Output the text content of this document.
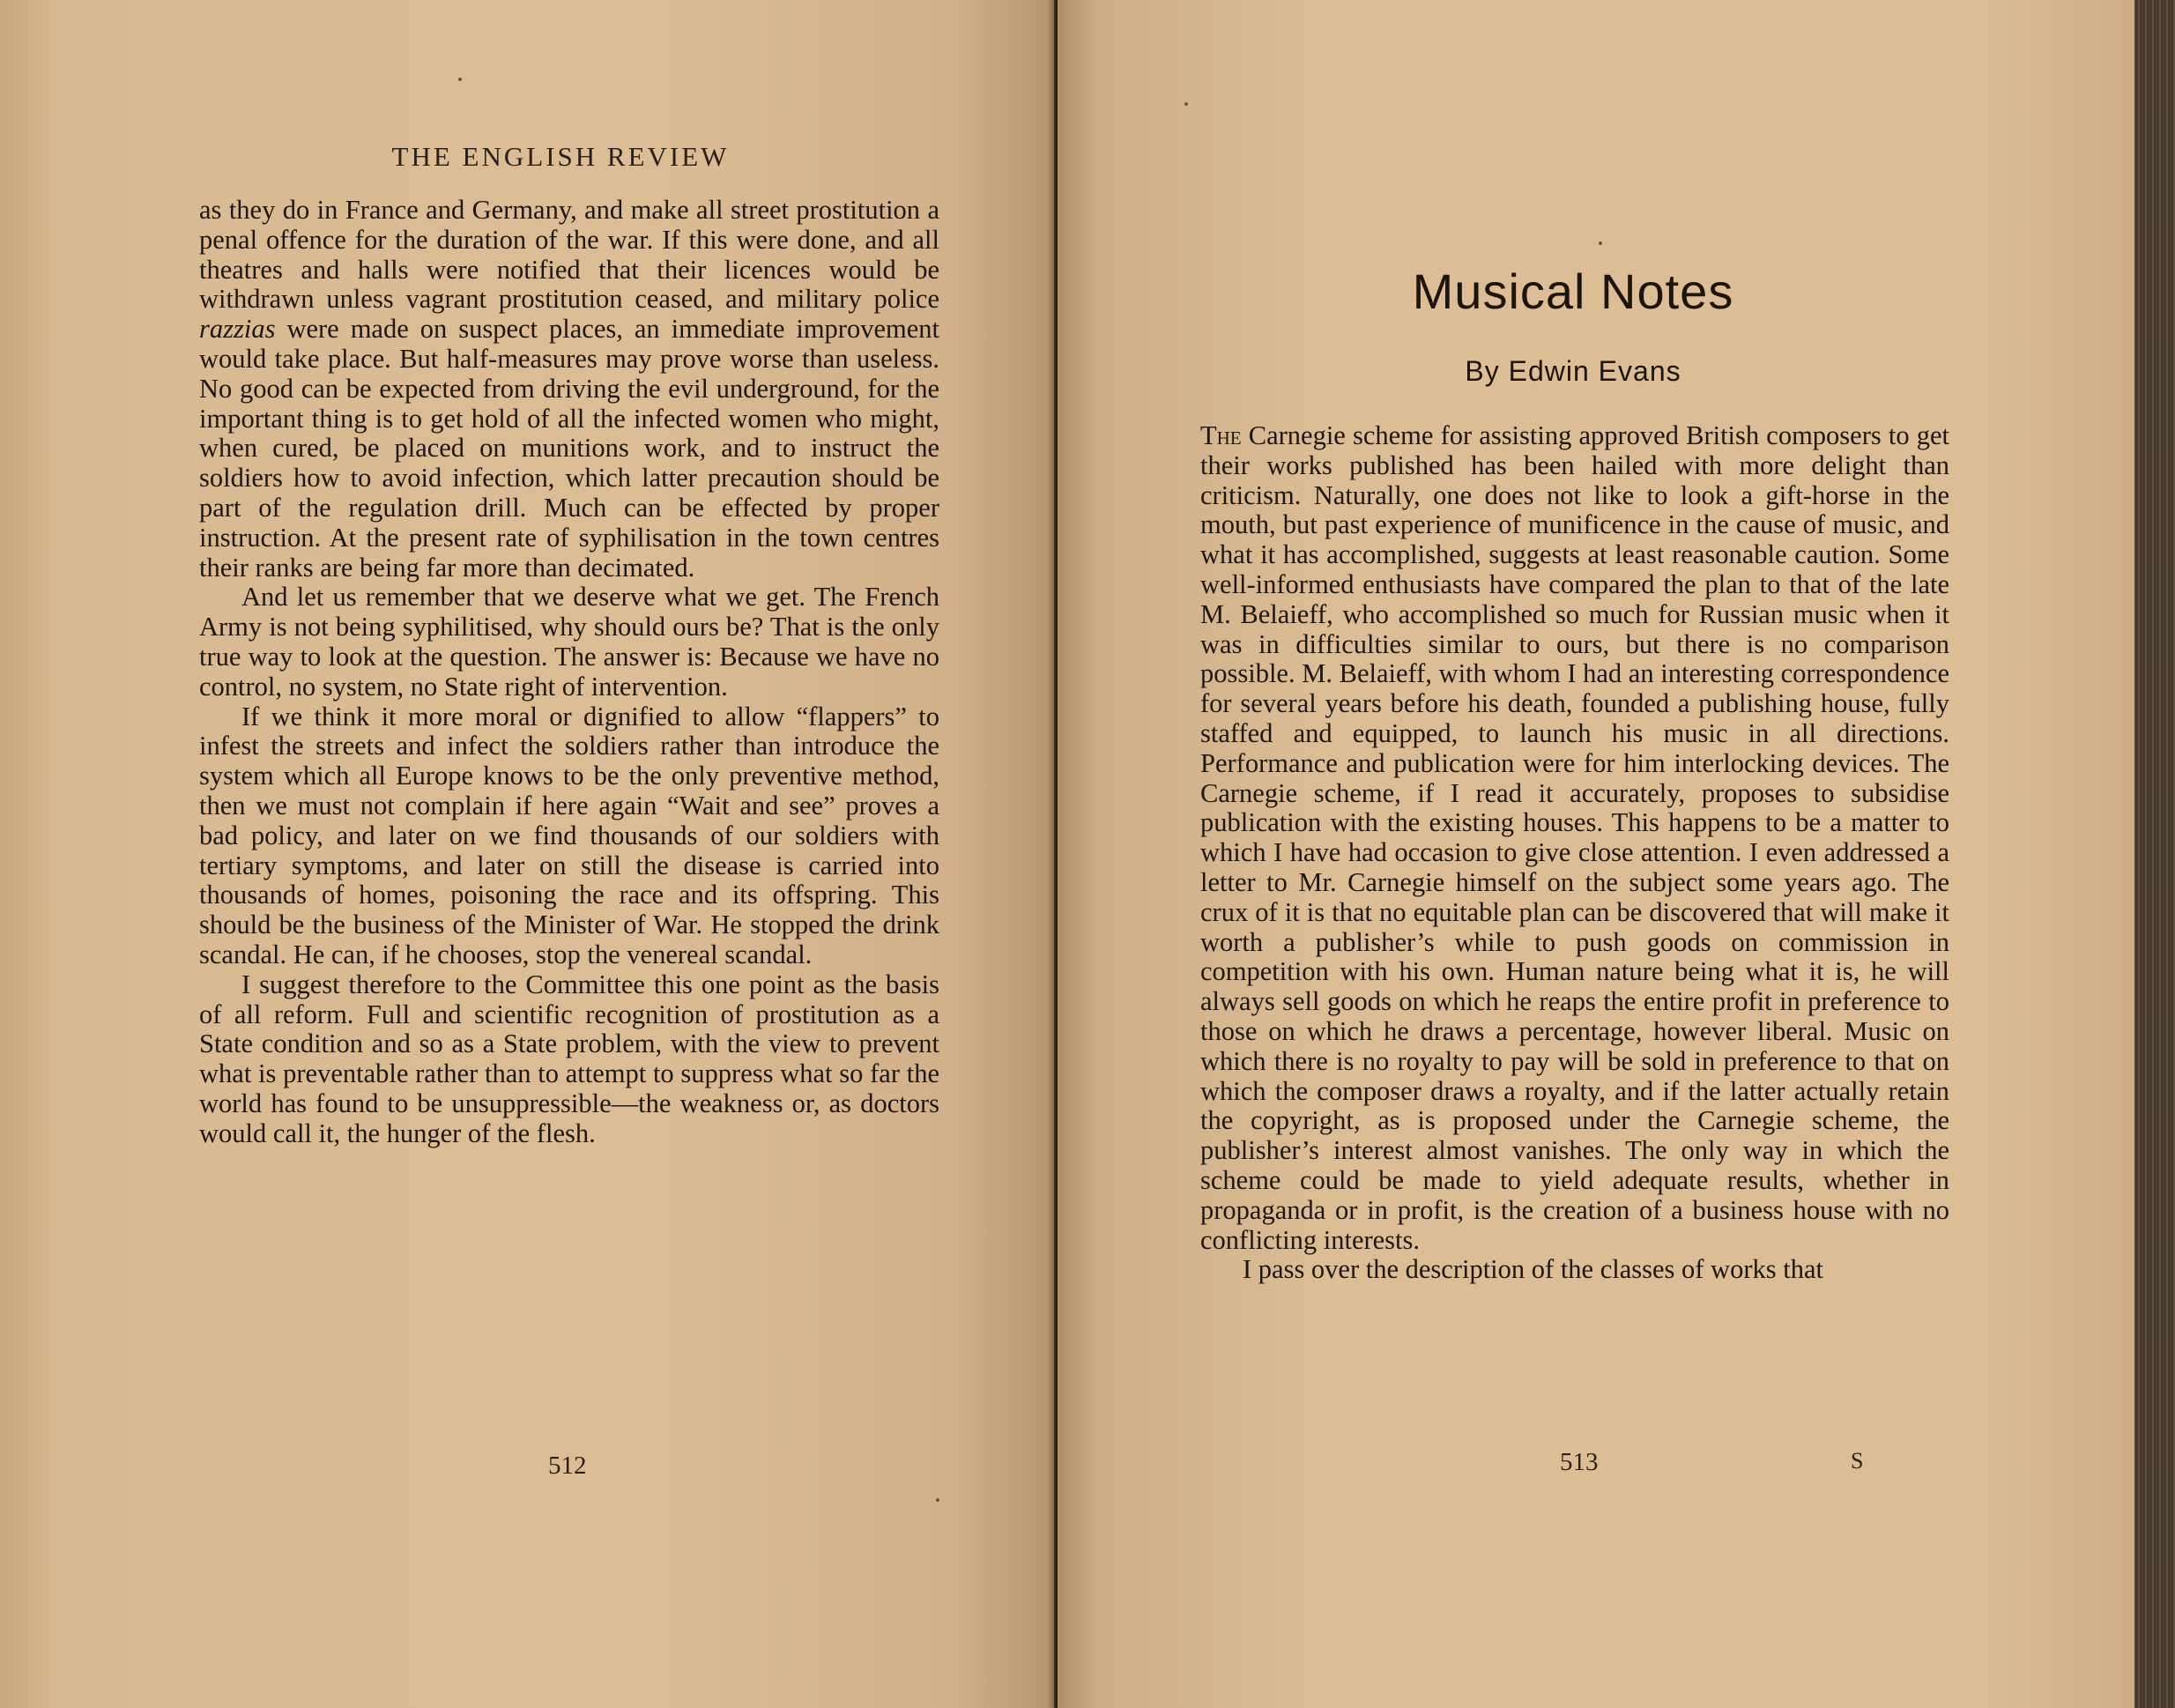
THE ENGLISH REVIEW

as they do in France and Germany, and make all street prostitution a penal offence for the duration of the war. If this were done, and all theatres and halls were notified that their licences would be withdrawn unless vagrant prostitution ceased, and military police razzias were made on suspect places, an immediate improvement would take place. But half-measures may prove worse than useless. No good can be expected from driving the evil underground, for the important thing is to get hold of all the infected women who might, when cured, be placed on munitions work, and to instruct the soldiers how to avoid infection, which latter precaution should be part of the regulation drill. Much can be effected by proper instruction. At the present rate of syphilisation in the town centres their ranks are being far more than decimated.

And let us remember that we deserve what we get. The French Army is not being syphilitised, why should ours be? That is the only true way to look at the question. The answer is: Because we have no control, no system, no State right of intervention.

If we think it more moral or dignified to allow “flappers” to infest the streets and infect the soldiers rather than introduce the system which all Europe knows to be the only preventive method, then we must not complain if here again “Wait and see” proves a bad policy, and later on we find thousands of our soldiers with tertiary symptoms, and later on still the disease is carried into thousands of homes, poisoning the race and its offspring. This should be the business of the Minister of War. He stopped the drink scandal. He can, if he chooses, stop the venereal scandal.

I suggest therefore to the Committee this one point as the basis of all reform. Full and scientific recognition of prostitution as a State condition and so as a State problem, with the view to prevent what is preventable rather than to attempt to suppress what so far the world has found to be unsuppressible—the weakness or, as doctors would call it, the hunger of the flesh.

512
Musical Notes
By Edwin Evans

The Carnegie scheme for assisting approved British composers to get their works published has been hailed with more delight than criticism. Naturally, one does not like to look a gift-horse in the mouth, but past experience of munificence in the cause of music, and what it has accomplished, suggests at least reasonable caution. Some well-informed enthusiasts have compared the plan to that of the late M. Belaieff, who accomplished so much for Russian music when it was in difficulties similar to ours, but there is no comparison possible. M. Belaieff, with whom I had an interesting correspondence for several years before his death, founded a publishing house, fully staffed and equipped, to launch his music in all directions. Performance and publication were for him interlocking devices. The Carnegie scheme, if I read it accurately, proposes to subsidise publication with the existing houses. This happens to be a matter to which I have had occasion to give close attention. I even addressed a letter to Mr. Carnegie himself on the subject some years ago. The crux of it is that no equitable plan can be discovered that will make it worth a publisher’s while to push goods on commission in competition with his own. Human nature being what it is, he will always sell goods on which he reaps the entire profit in preference to those on which he draws a percentage, however liberal. Music on which there is no royalty to pay will be sold in preference to that on which the composer draws a royalty, and if the latter actually retain the copyright, as is proposed under the Carnegie scheme, the publisher’s interest almost vanishes. The only way in which the scheme could be made to yield adequate results, whether in propaganda or in profit, is the creation of a business house with no conflicting interests.

I pass over the description of the classes of works that

513	S
